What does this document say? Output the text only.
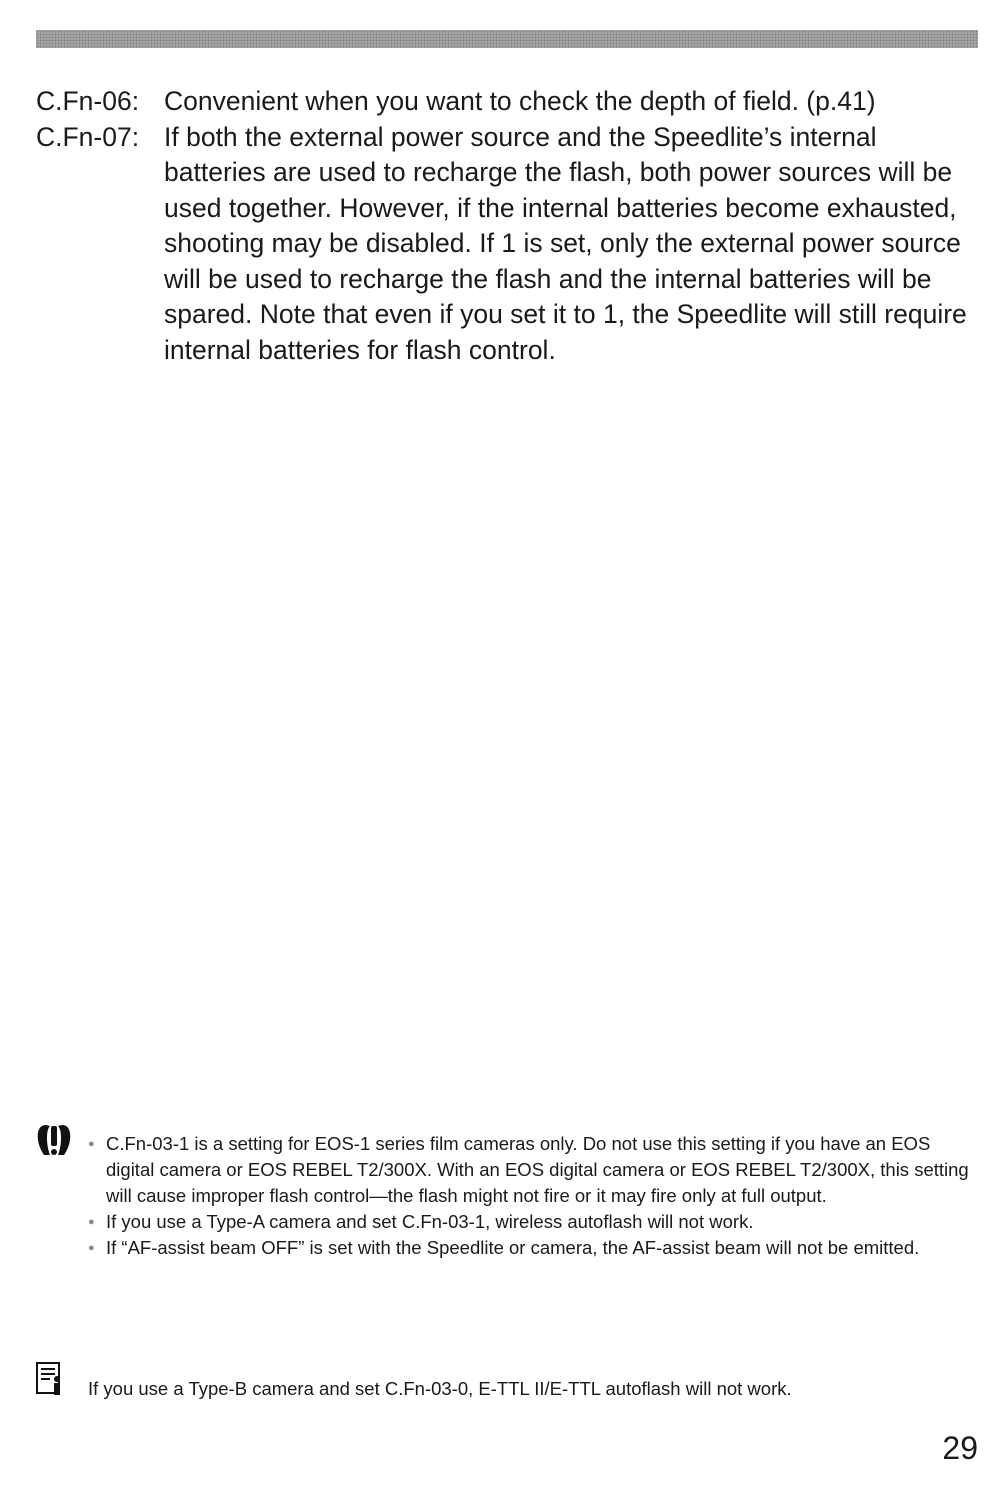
C.Fn-06: Convenient when you want to check the depth of field. (p.41)
C.Fn-07: If both the external power source and the Speedlite’s internal batteries are used to recharge the flash, both power sources will be used together. However, if the internal batteries become exhausted, shooting may be disabled. If 1 is set, only the external power source will be used to recharge the flash and the internal batteries will be spared. Note that even if you set it to 1, the Speedlite will still require internal batteries for flash control.
● C.Fn-03-1 is a setting for EOS-1 series film cameras only. Do not use this setting if you have an EOS digital camera or EOS REBEL T2/300X. With an EOS digital camera or EOS REBEL T2/300X, this setting will cause improper flash control—the flash might not fire or it may fire only at full output.
● If you use a Type-A camera and set C.Fn-03-1, wireless autoflash will not work.
● If “AF-assist beam OFF” is set with the Speedlite or camera, the AF-assist beam will not be emitted.
If you use a Type-B camera and set C.Fn-03-0, E-TTL II/E-TTL autoflash will not work.
29
